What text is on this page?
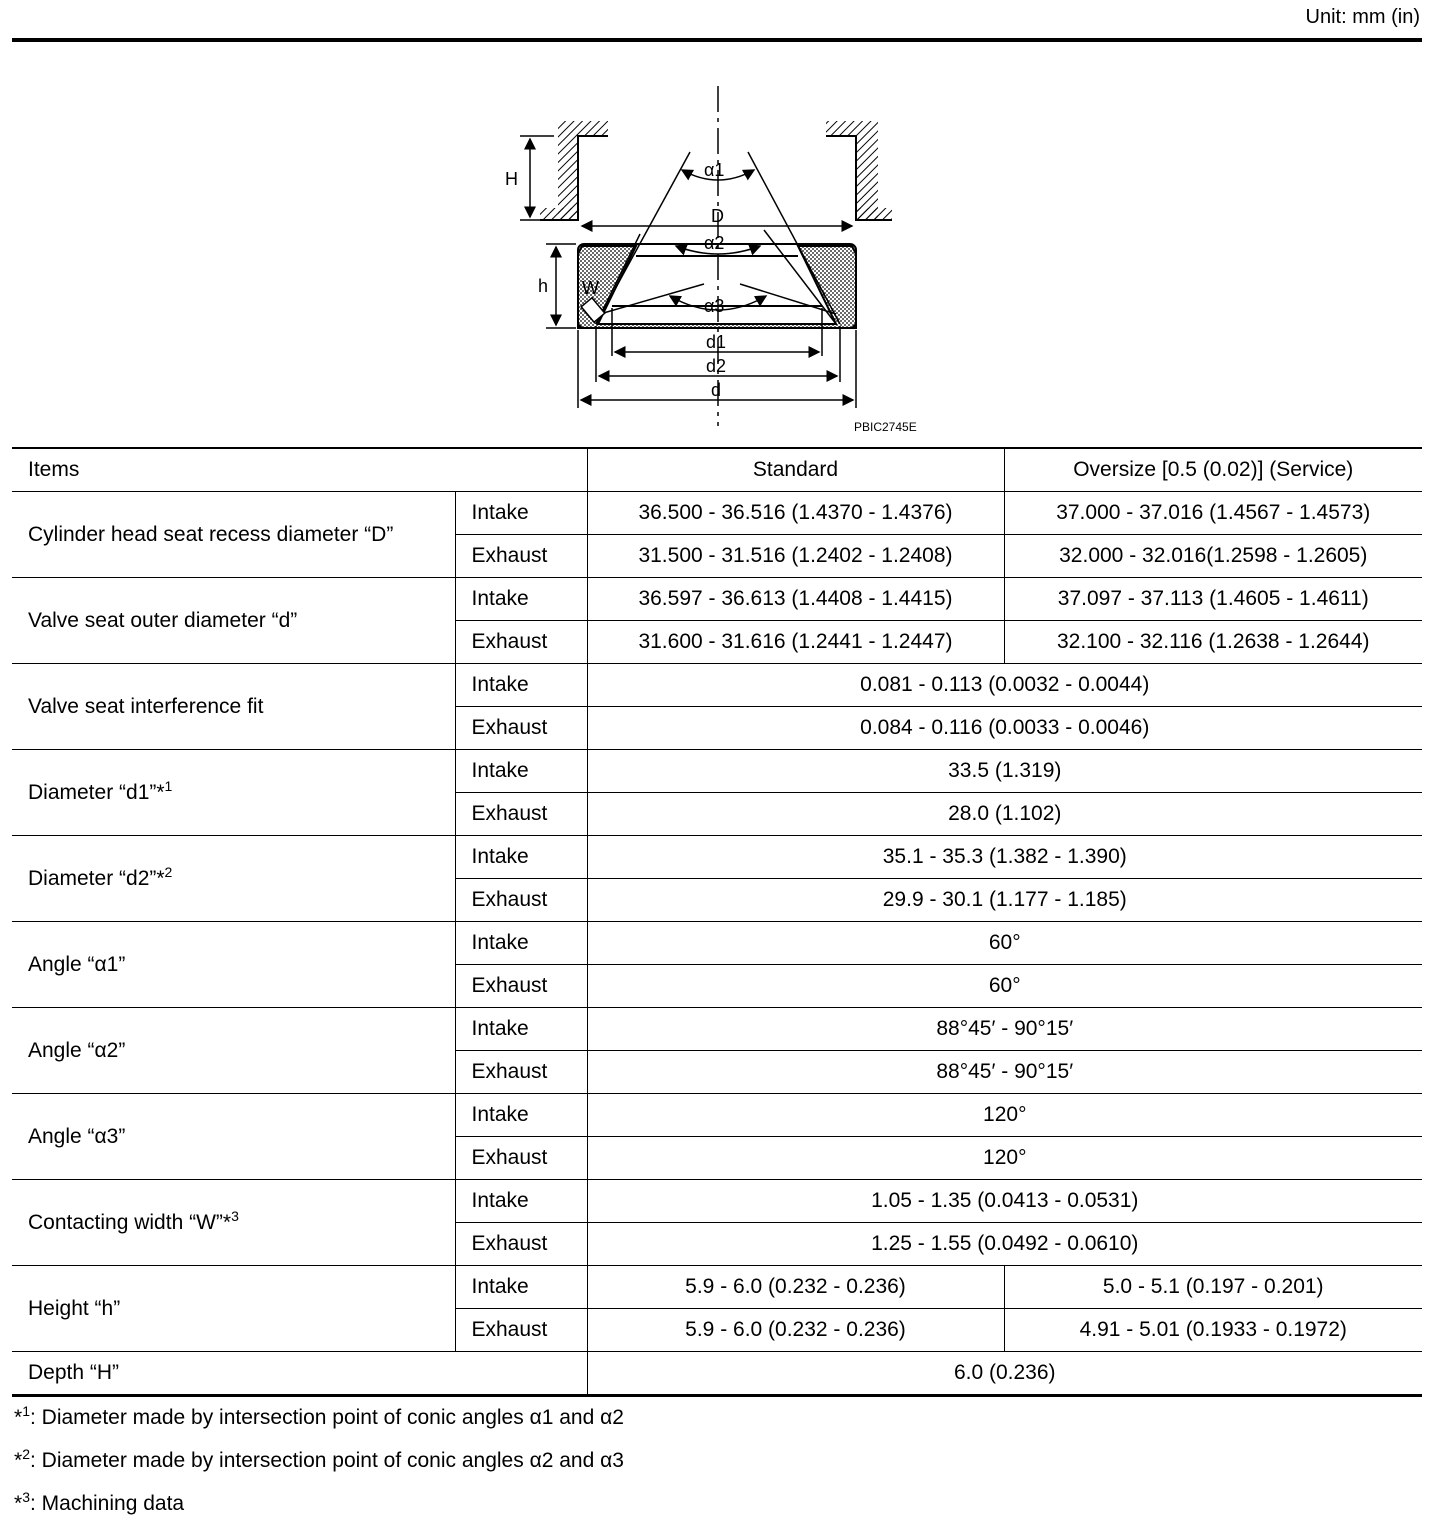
Unit: mm (in)
H
D
α1
α2
α3
h W
d1
d2
d
PBIC2745E
Items		Standard	Oversize [0.5 (0.02)] (Service)
Cylinder head seat recess diameter “D”	Intake	36.500 - 36.516 (1.4370 - 1.4376)	37.000 - 37.016 (1.4567 - 1.4573)
	Exhaust	31.500 - 31.516 (1.2402 - 1.2408)	32.000 - 32.016(1.2598 - 1.2605)
Valve seat outer diameter “d”	Intake	36.597 - 36.613 (1.4408 - 1.4415)	37.097 - 37.113 (1.4605 - 1.4611)
	Exhaust	31.600 - 31.616 (1.2441 - 1.2447)	32.100 - 32.116 (1.2638 - 1.2644)
Valve seat interference fit	Intake	0.081 - 0.113 (0.0032 - 0.0044)	
	Exhaust	0.084 - 0.116 (0.0033 - 0.0046)	
Diameter “d1”*$^1$	Intake	33.5 (1.319)	
	Exhaust	28.0 (1.102)	
Diameter “d2”*$^2$	Intake	35.1 - 35.3 (1.382 - 1.390)	
	Exhaust	29.9 - 30.1 (1.177 - 1.185)	
Angle “α1”	Intake	60°	
	Exhaust	60°	
Angle “α2”	Intake	88°45′ - 90°15′	
	Exhaust	88°45′ - 90°15′	
Angle “α3”	Intake	120°	
	Exhaust	120°	
Contacting width “W”*$^3$	Intake	1.05 - 1.35 (0.0413 - 0.0531)	
	Exhaust	1.25 - 1.55 (0.0492 - 0.0610)	
Height “h”	Intake	5.9 - 6.0 (0.232 - 0.236)	5.0 - 5.1 (0.197 - 0.201)
	Exhaust	5.9 - 6.0 (0.232 - 0.236)	4.91 - 5.01 (0.1933 - 0.1972)
Depth “H”		6.0 (0.236)	
*$^1$: Diameter made by intersection point of conic angles α1 and α2
*$^2$: Diameter made by intersection point of conic angles α2 and α3
*$^3$: Machining data
